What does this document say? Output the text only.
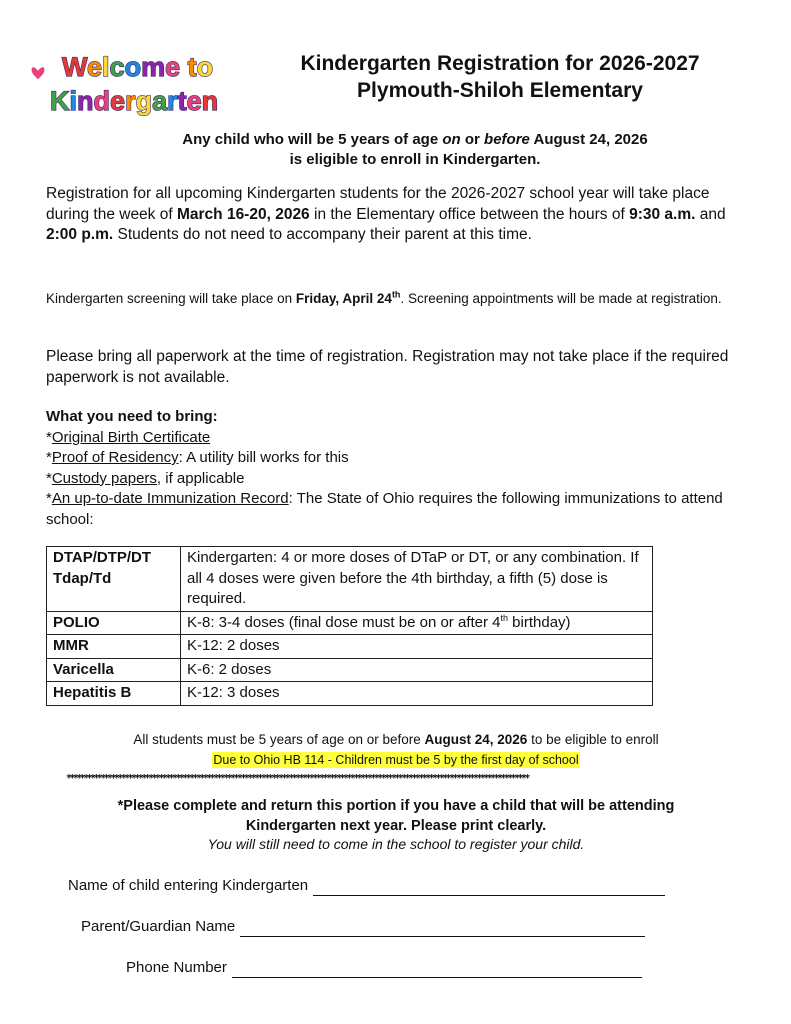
Welcome to
Kindergarten
Kindergarten Registration for 2026-2027
Plymouth-Shiloh Elementary
Any child who will be 5 years of age on or before August 24, 2026
is eligible to enroll in Kindergarten.
Registration for all upcoming Kindergarten students for the 2026-2027 school year will take place during the week of March 16-20, 2026 in the Elementary office between the hours of 9:30 a.m. and 2:00 p.m. Students do not need to accompany their parent at this time.
Kindergarten screening will take place on Friday, April 24th. Screening appointments will be made at registration.
Please bring all paperwork at the time of registration. Registration may not take place if the required paperwork is not available.
What you need to bring:
*Original Birth Certificate
*Proof of Residency: A utility bill works for this
*Custody papers, if applicable
*An up-to-date Immunization Record: The State of Ohio requires the following immunizations to attend school:
DTAP/DTP/DT Tdap/Td	Kindergarten: 4 or more doses of DTaP or DT, or any combination. If all 4 doses were given before the 4th birthday, a fifth (5) dose is required.
POLIO	K-8: 3-4 doses (final dose must be on or after 4th birthday)
MMR	K-12: 2 doses
Varicella	K-6: 2 doses
Hepatitis B	K-12: 3 doses
All students must be 5 years of age on or before August 24, 2026 to be eligible to enroll
Due to Ohio HB 114 - Children must be 5 by the first day of school
***************************************************************************************************************************************
*Please complete and return this portion if you have a child that will be attending
Kindergarten next year. Please print clearly.
You will still need to come in the school to register your child.
Name of child entering Kindergarten
Parent/Guardian Name
Phone Number
